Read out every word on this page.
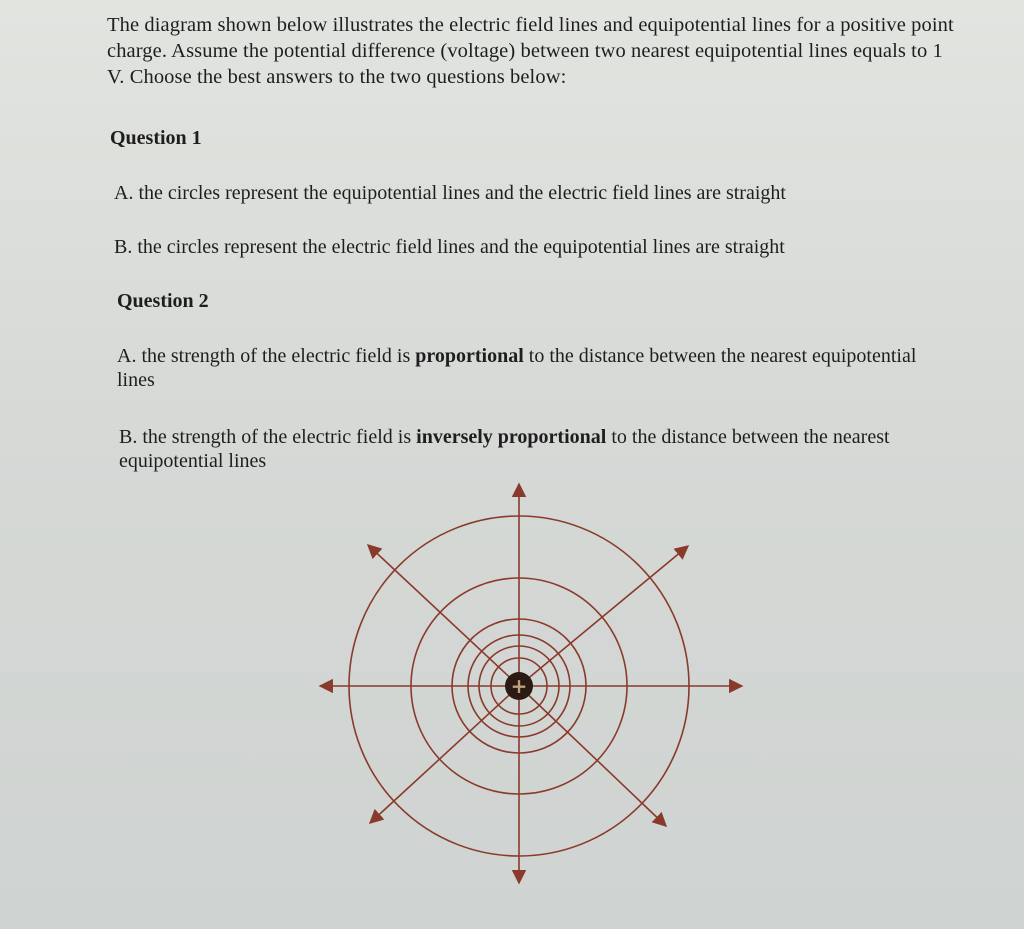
The diagram shown below illustrates the electric field lines and equipotential lines for a positive point charge. Assume the potential difference (voltage) between two nearest equipotential lines equals to 1 V. Choose the best answers to the two questions below:
Question 1
A. the circles represent the equipotential lines and the electric field lines are straight
B. the circles represent the electric field lines and the equipotential lines are straight
Question 2
A. the strength of the electric field is proportional to the distance between the nearest equipotential lines
B. the strength of the electric field is inversely proportional to the distance between the nearest equipotential lines
+
